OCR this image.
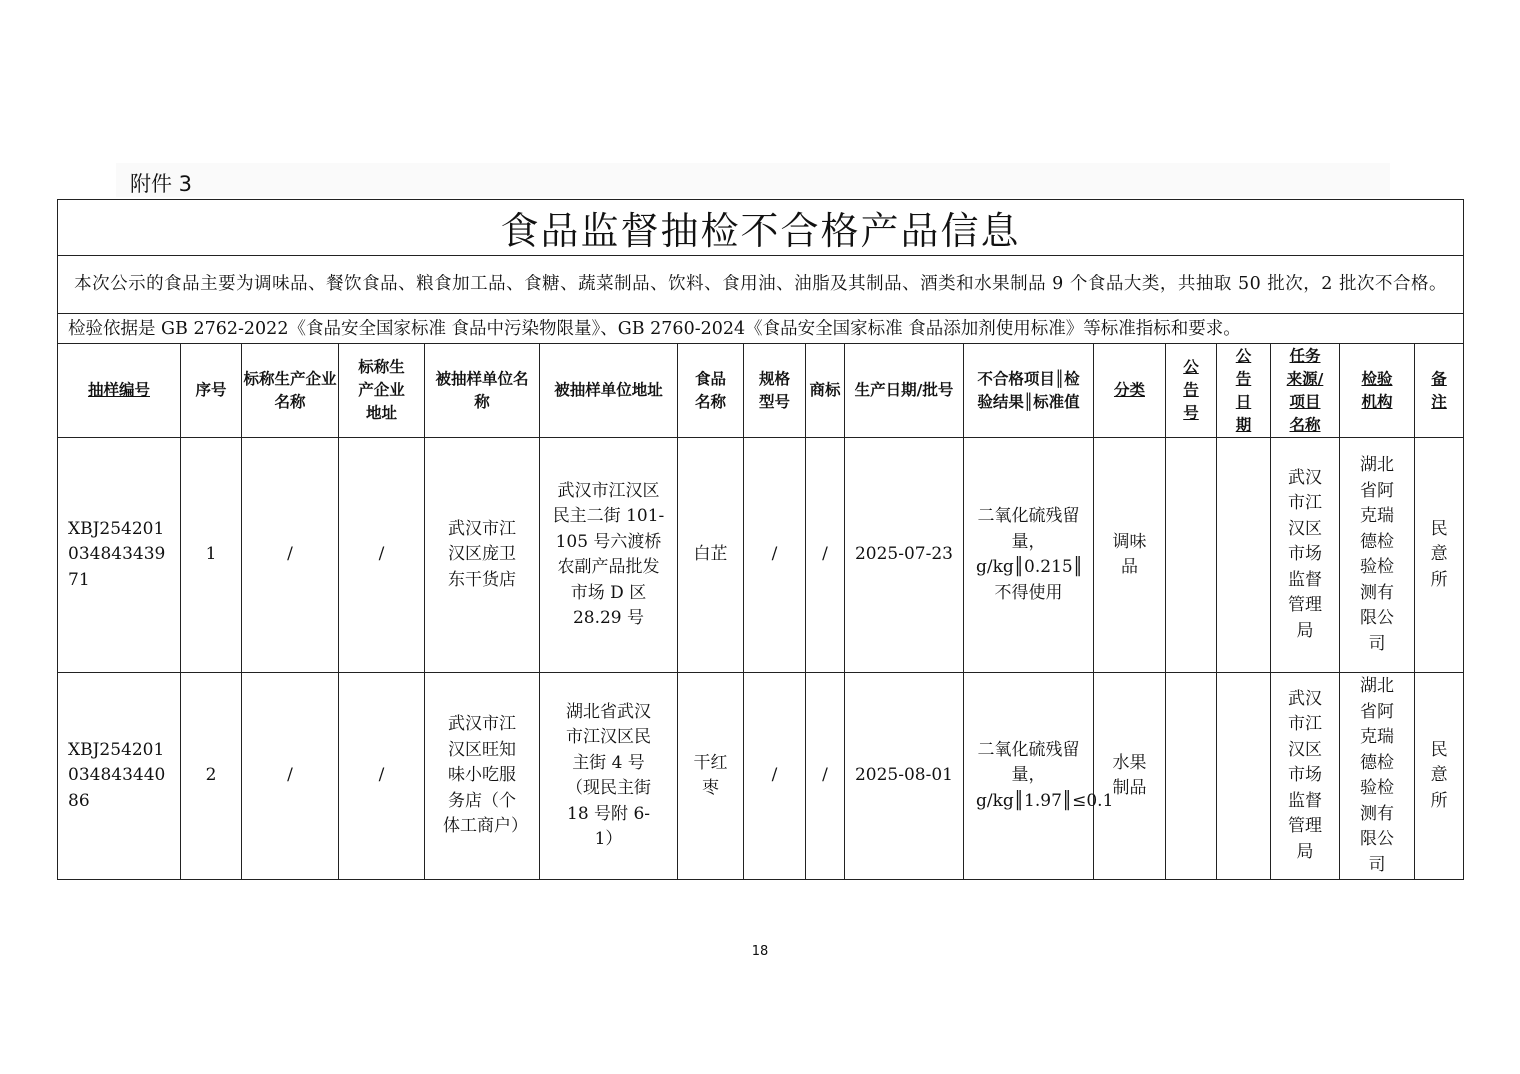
附件 3
食品监督抽检不合格产品信息																
本次公示的食品主要为调味品、餐饮食品、粮食加工品、食糖、蔬菜制品、饮料、食用油、油脂及其制品、酒类和水果制品 9 个食品大类，共抽取 50 批次，2 批次不合格。																
检验依据是 GB 2762-2022《食品安全国家标准 食品中污染物限量》、GB 2760-2024《食品安全国家标准 食品添加剂使用标准》等标准指标和要求。																
抽样编号	序号	标称生产企业名称	标称生产企业地址	被抽样单位名称	被抽样单位地址	食品名称	规格型号	商标	生产日期/批号	不合格项目║检验结果║标准值	分类	公告号	公告日期	任务来源/项目名称	检验机构	备注
XBJ25420103484343971	1	/	/	武汉市江汉区庞卫东干货店	武汉市江汉区民主二街 101-105 号六渡桥农副产品批发市场 D 区 28.29 号	白芷	/	/	2025-07-23	二氧化硫残留量，g/kg║0.215║不得使用	调味品			武汉市江汉区市场监督管理局	湖北省阿克瑞德检验检测有限公司	民意所
XBJ25420103484344086	2	/	/	武汉市江汉区旺知味小吃服务店（个体工商户）	湖北省武汉市江汉区民主街 4 号（现民主街 18 号附 6-1）	干红枣	/	/	2025-08-01	二氧化硫残留量，g/kg║1.97║≤0.1	水果制品			武汉市江汉区市场监督管理局	湖北省阿克瑞德检验检测有限公司	民意所
18
